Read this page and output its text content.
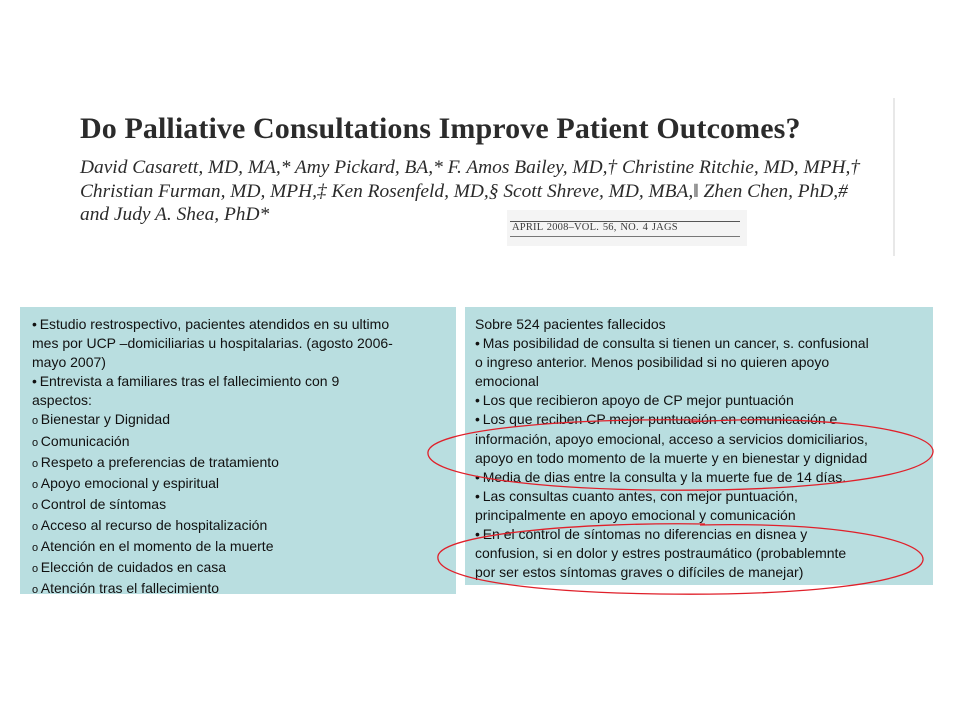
Do Palliative Consultations Improve Patient Outcomes?

David Casarett, MD, MA,* Amy Pickard, BA,* F. Amos Bailey, MD,† Christine Ritchie, MD, MPH,†
Christian Furman, MD, MPH,‡ Ken Rosenfeld, MD,§ Scott Shreve, MD, MBA,‖ Zhen Chen, PhD,#
and Judy A. Shea, PhD*

APRIL 2008–VOL. 56, NO. 4 JAGS

• Estudio restrospectivo, pacientes atendidos en su ultimo

mes por UCP –domiciliarias u hospitalarias. (agosto 2006-

mayo 2007)

• Entrevista a familiares tras el fallecimiento con 9

aspectos:

o Bienestar y Dignidad

o Comunicación

o Respeto a preferencias de tratamiento

o Apoyo emocional y espiritual

o Control de síntomas

o Acceso al recurso de hospitalización

o Atención en el momento de la muerte

o Elección de cuidados en casa

o Atención tras el fallecimiento

Sobre 524 pacientes fallecidos

• Mas posibilidad de consulta si tienen un cancer, s. confusional

o ingreso anterior. Menos posibilidad si no quieren apoyo

emocional

• Los que recibieron apoyo de CP mejor puntuación

• Los que reciben CP mejor puntuación en comunicación e

información, apoyo emocional, acceso a servicios domiciliarios,

apoyo en todo momento de la muerte y en bienestar y dignidad

• Media de dias entre la consulta y la muerte fue de 14 días.

• Las consultas cuanto antes, con mejor puntuación,

principalmente en apoyo emocional y comunicación

• En el control de síntomas no diferencias en disnea y

confusion, si en dolor y estres postraumático (probablemnte

por ser estos síntomas graves o difíciles de manejar)
